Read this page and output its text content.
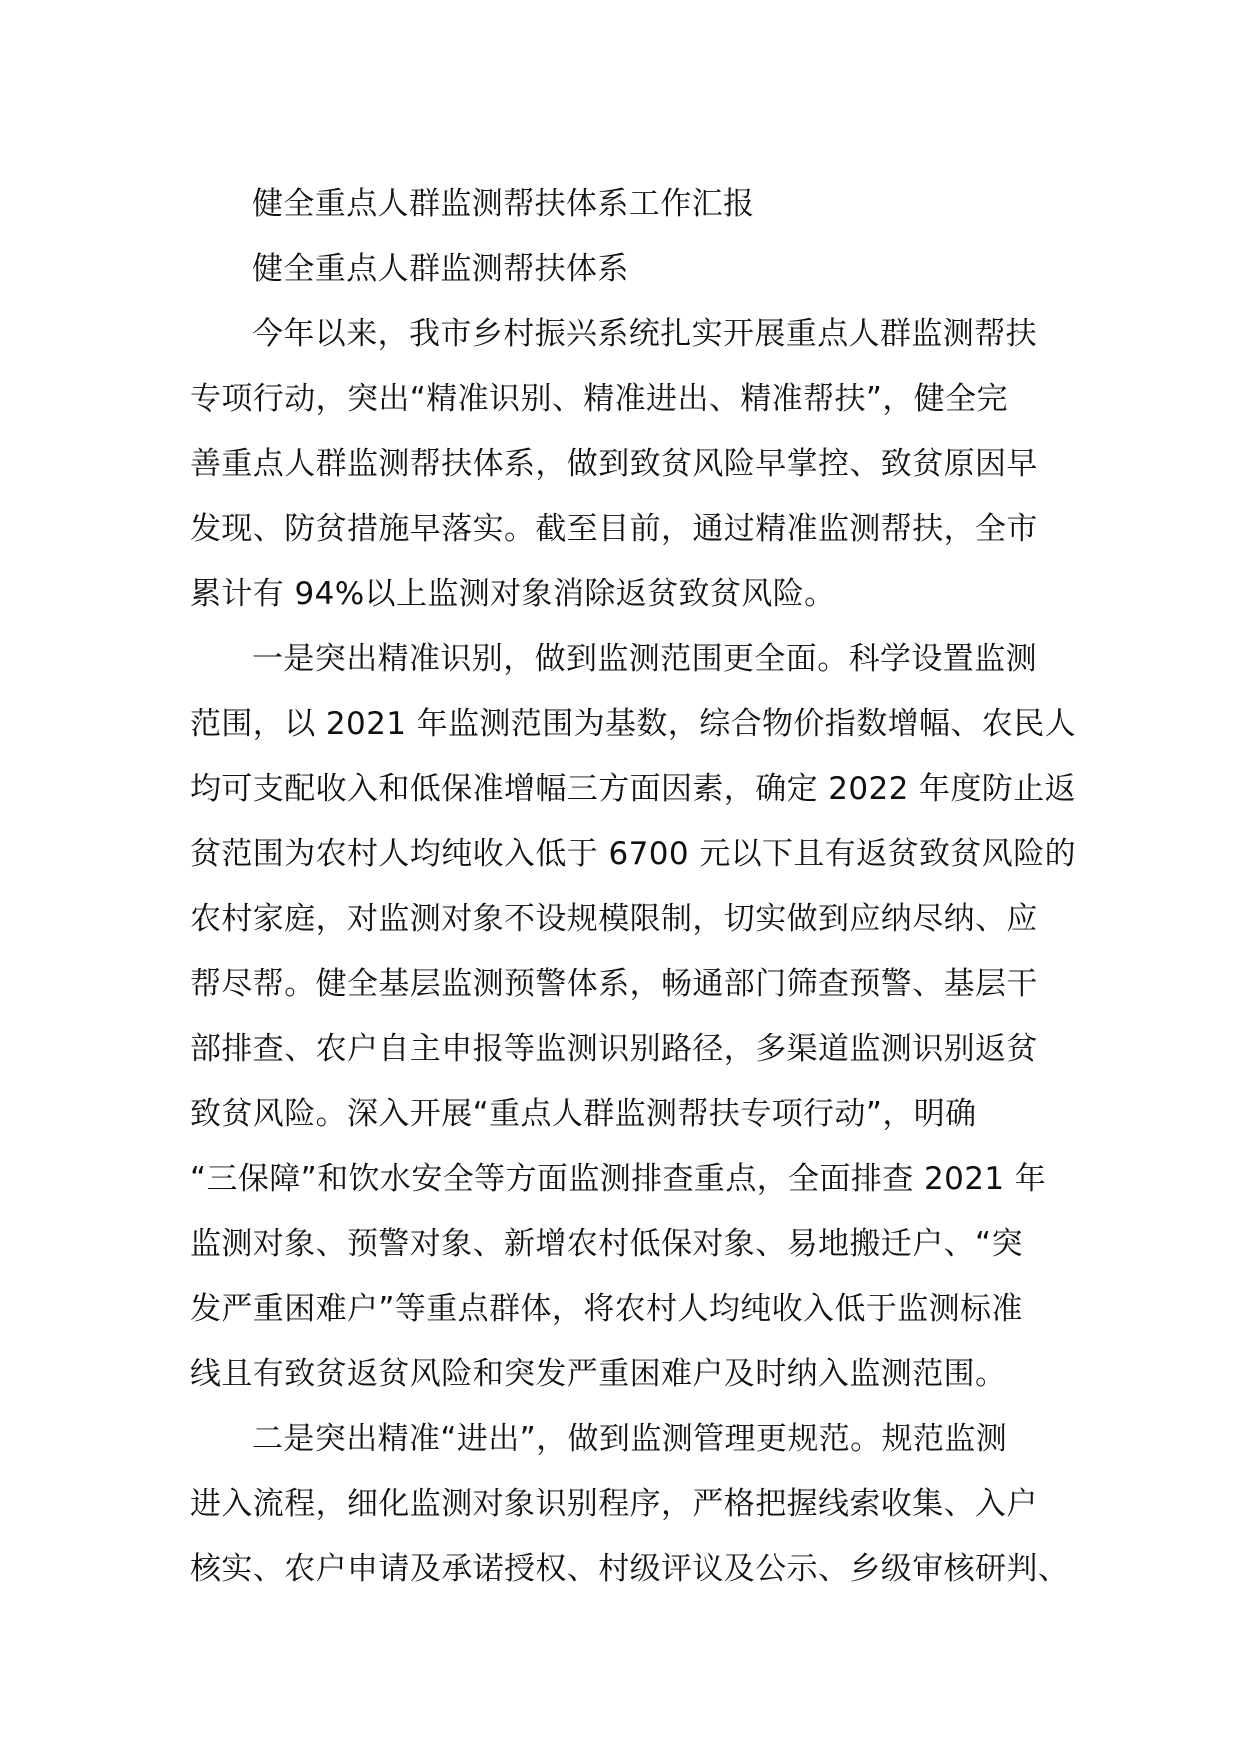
健全重点人群监测帮扶体系工作汇报
健全重点人群监测帮扶体系
今年以来，我市乡村振兴系统扎实开展重点人群监测帮扶
专项行动，突出“精准识别、精准进出、精准帮扶”，健全完
善重点人群监测帮扶体系，做到致贫风险早掌控、致贫原因早
发现、防贫措施早落实。截至目前，通过精准监测帮扶，全市
累计有 94%以上监测对象消除返贫致贫风险。
一是突出精准识别，做到监测范围更全面。科学设置监测
范围，以 2021 年监测范围为基数，综合物价指数增幅、农民人
均可支配收入和低保准增幅三方面因素，确定 2022 年度防止返
贫范围为农村人均纯收入低于 6700 元以下且有返贫致贫风险的
农村家庭，对监测对象不设规模限制，切实做到应纳尽纳、应
帮尽帮。健全基层监测预警体系，畅通部门筛查预警、基层干
部排查、农户自主申报等监测识别路径，多渠道监测识别返贫
致贫风险。深入开展“重点人群监测帮扶专项行动”，明确
“三保障”和饮水安全等方面监测排查重点，全面排查 2021 年
监测对象、预警对象、新增农村低保对象、易地搬迁户、“突
发严重困难户”等重点群体，将农村人均纯收入低于监测标准
线且有致贫返贫风险和突发严重困难户及时纳入监测范围。
二是突出精准“进出”，做到监测管理更规范。规范监测
进入流程，细化监测对象识别程序，严格把握线索收集、入户
核实、农户申请及承诺授权、村级评议及公示、乡级审核研判、
